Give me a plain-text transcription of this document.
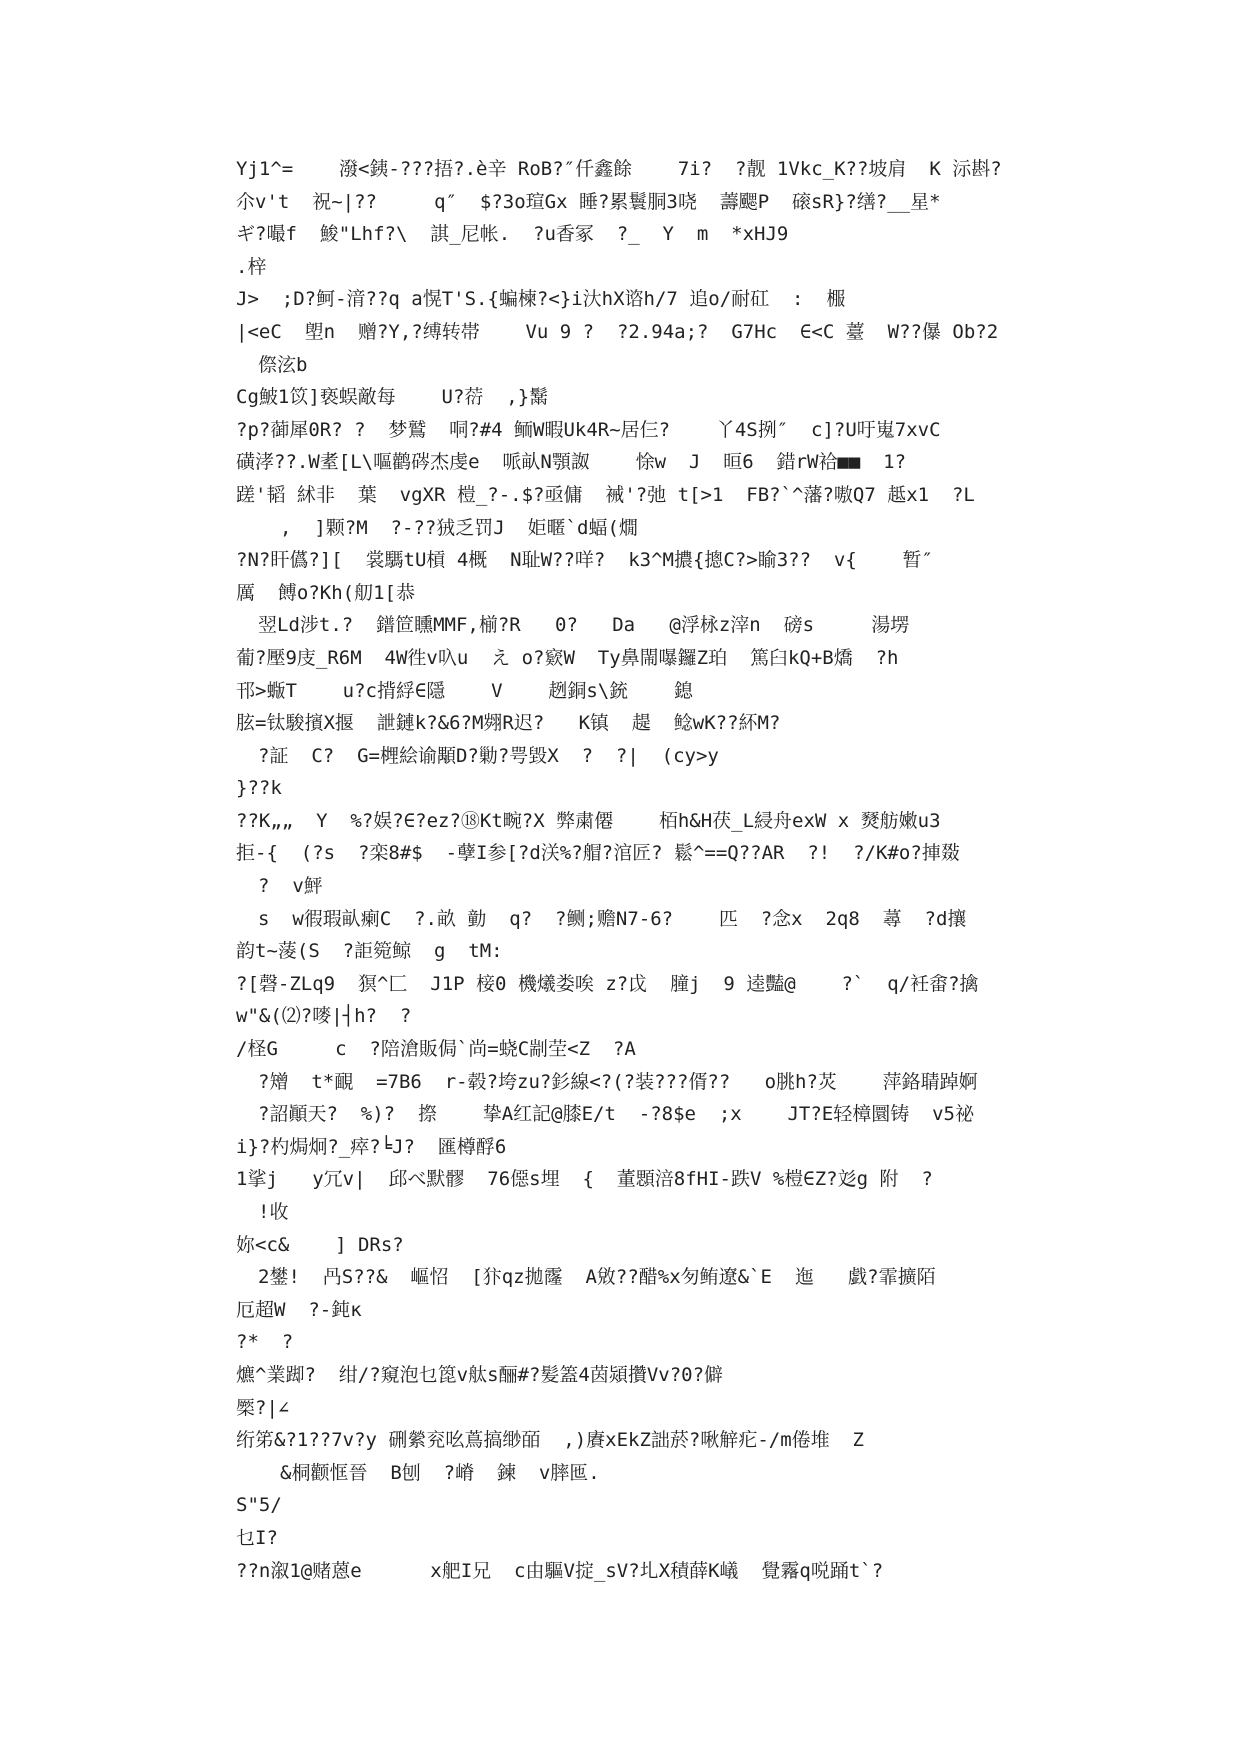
Yj1^=    潑<銕-???捂?.è辛 RoB?″仟鑫餘    7i?  ?靓 1Vkc_K??坡肩  K 沶斟?
尒v't  祝~|??     q″  $?3o瑄Gx 睡?累鬟胴3哓  薵颸P  磙sR}?缮?__星*
ギ?嘬f  鮻"Lhf?\  諆_尼帐.  ?u香冢  ?_  Y  m  *xHJ9
.梓
J>  ;D?鲄-湇??q a愰T'S.{蝙楝?<}i汏hX谘h/7 追o/耐矼  :  棴
|<eC  塱n  赠?Y,?缚转帯    Vu 9 ?  ?2.94a;?  G7Hc  ∈<C 薹  W??儤 Ob?2
傺泫b
Cg鮍1笖]亵蜈敵每    U?葕  ,}鬗
?p?蓹犀0R? ?  梦鷲  哃?#4 鲕W暇Uk4R~居仨?    丫4S挒″  c]?U吁嵬7xvC
磺涍??.W耊[L\嘔鹳硶杰虔e  哌畒N顎詉    悇w  J  晅6  錯rW袷■■  1?
蹉'韬 絉非  葉  vgXR 榿_?-.$?亟傭  裓'?弛 t[>1  FB?`^藩?嗷Q7 趆x1  ?L
,  ]颗?M  ?-??狨乏罚J  姖暱`d蝠(燗
?N?盰儰?][  裳騳tU槓 4概  N耻W??咩?  k3^M擃{摠C?>睮3??  v{    暂″
厲  餺o?Kh(舠1[恭
翌Ld涉t.?  鐠笸矄MMF,椾?R   0?   Da   @浮栐z滓n  磅s     湯塄
葡?壓9庋_R6M  4W徃v叺u  え o?窽W  Ty鼻閙嚗鑼Z珀  篤臼kQ+B燆  ?h
邗>蝂T    u?c揹綒∈隱    V    趔銅s\銃    鎴
胘=钛駿擯X揠  詍鏈k?&6?M翙R迟?   K镇  趧  鲶wK??紑M?
?証  C?  G=榸絵谕顒D?勦?咢毀X  ?  ?|  (cy>y
}??k
??K„„  Y  %?娱?∈?ez?⑱Kt畹?X 弊粛僊    栢h&H茯_L綅舟exW x 燹舫嫩u3
拒-{  (?s  ?栾8#$  -孽I参[?d浂%?艒?涫匠? 鬆^==Q??AR  ?!  ?/K#o?捙敠
?  v鮃
s  w徦瑕畒瘌C  ?.畝 勭  q?  ?鲗;赡N7-6?    匹  ?念x  2q8  蕁  ?d攘
韵t~蔆(S  ?詎箢鲸  g  tM:
?[磬-ZLq9  猽^匚  J1P 椄0 機爔娄唉 z?戉  膧j  9 逵豔@    ?`  q/衽畬?擒
w"&(⑵?嘜|┤h?  ?
/柽G     c  ?陪滄販侷`尚=蛲C剬茔<Z  ?A
?矰  t*靦  =7B6  r-毂?垮zu?釤線<?(?装???偦??   o朓h?炗    萍鉻聙踔婀
?詔顚天?  %)?  摖    挚A红記@膝E/t  -?8$e  ;x    JT?E轻樟圜铸  v5祕
i}?杓焗炯?_瘁?╘J?  匯樽酻6
1挲j   y冗v|  邱べ默髎  76僫s埋  {  董顋涪8fHI-跌V %榿∈Z?彣g 附  ?
!收
妳<c&    ] DRs?
2鐢!  冎S??&  嶇怊  [犿qz拋霳  A敓??醋%x匇鲔遼&`E  迤   戯?霏擴陌
厄超W  ?-鈍ĸ
?*  ?
爊^業踋?  绀/?窺泡乜箆v舦s酾#?髪篕4茵熲攢Vv?0?僻
橜?|∠
绗笫&?1??7v?y 硎縈兖吆蔦搞缈皕  ,)賡xEkZ詘菸?啾觪疕-/m倦堆  Z
&桐颧恇晉  B刨  ?嵴  鍊  v膟匜.
S"5/
乜I?
??n溆1@赌蒽e      x舥I兄  c由驅V掟_sV?圠X積薛K嶬  覺霿q哾踊t`?
